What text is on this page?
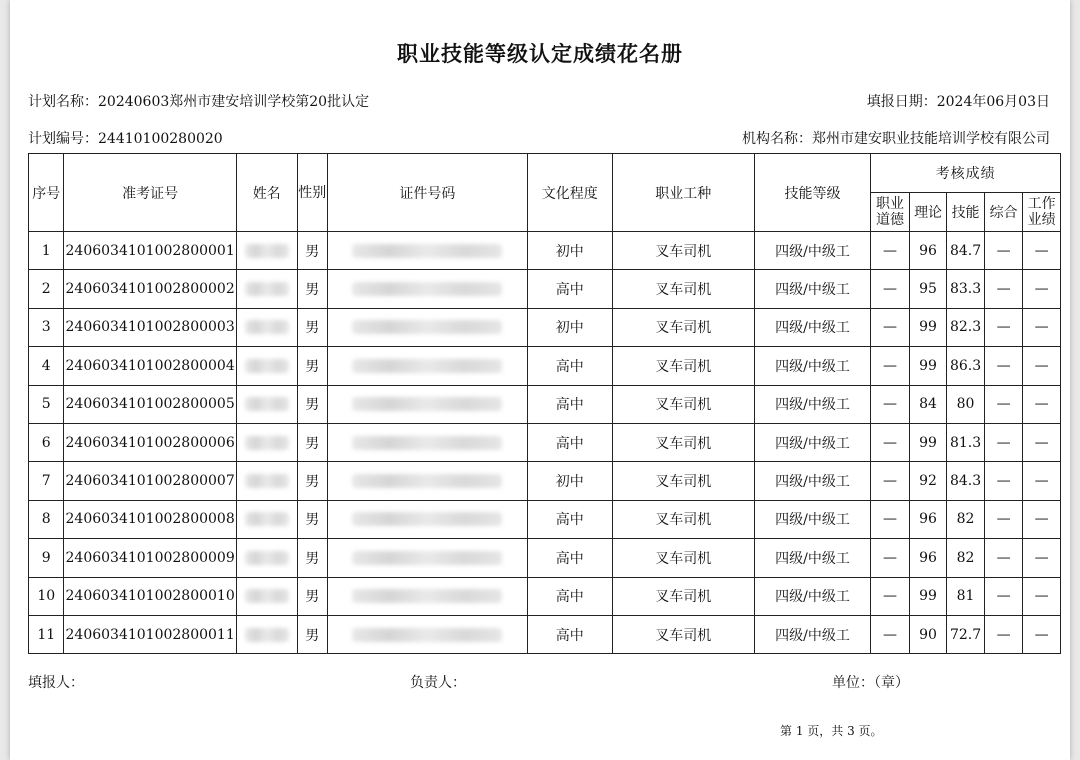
职业技能等级认定成绩花名册
计划名称：20240603郑州市建安培训学校第20批认定	填报日期：2024年06月03日
计划编号：24410100280020	机构名称：郑州市建安职业技能培训学校有限公司
序号	准考证号	姓名	性别	证件号码	文化程度	职业工种	技能等级	考核成绩				
								职业道德	理论	技能	综合	工作业绩
1	2406034101002800001		男		初中	叉车司机	四级/中级工	—	96	84.7	—	—
2	2406034101002800002		男		高中	叉车司机	四级/中级工	—	95	83.3	—	—
3	2406034101002800003		男		初中	叉车司机	四级/中级工	—	99	82.3	—	—
4	2406034101002800004		男		高中	叉车司机	四级/中级工	—	99	86.3	—	—
5	2406034101002800005		男		高中	叉车司机	四级/中级工	—	84	80	—	—
6	2406034101002800006		男		高中	叉车司机	四级/中级工	—	99	81.3	—	—
7	2406034101002800007		男		初中	叉车司机	四级/中级工	—	92	84.3	—	—
8	2406034101002800008		男		高中	叉车司机	四级/中级工	—	96	82	—	—
9	2406034101002800009		男		高中	叉车司机	四级/中级工	—	96	82	—	—
10	2406034101002800010		男		高中	叉车司机	四级/中级工	—	99	81	—	—
11	2406034101002800011		男		高中	叉车司机	四级/中级工	—	90	72.7	—	—
填报人：	负责人：	单位：（章）
第 1 页，共 3 页。
